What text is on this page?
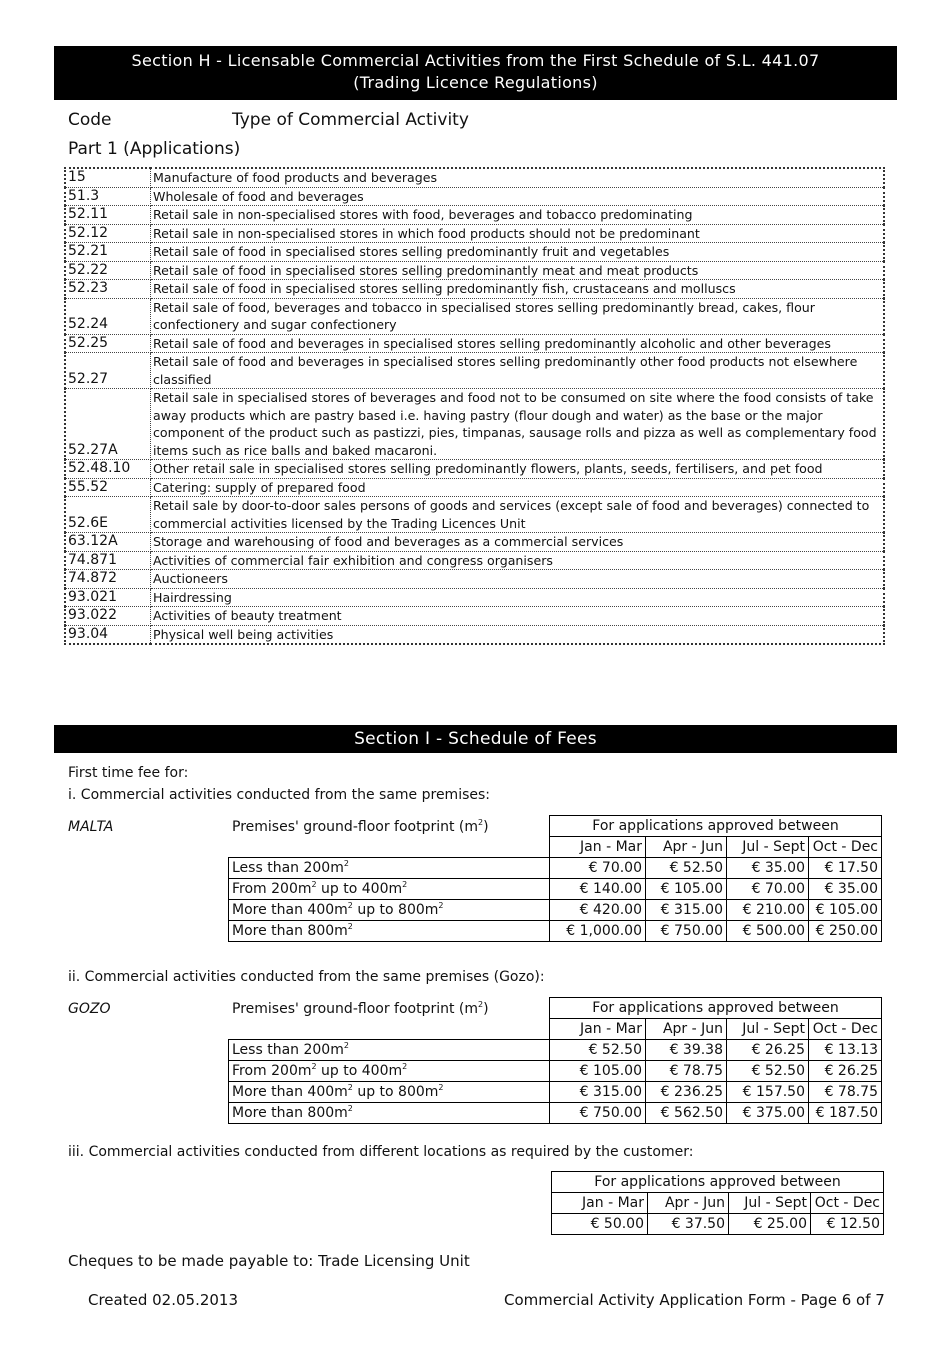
Section H - Licensable Commercial Activities from the First Schedule of S.L. 441.07
(Trading Licence Regulations)
Code	Type of Commercial Activity
Part 1 (Applications)
15	Manufacture of food products and beverages
51.3	Wholesale of food and beverages
52.11	Retail sale in non-specialised stores with food, beverages and tobacco predominating
52.12	Retail sale in non-specialised stores in which food products should not be predominant
52.21	Retail sale of food in specialised stores selling predominantly fruit and vegetables
52.22	Retail sale of food in specialised stores selling predominantly meat and meat products
52.23	Retail sale of food in specialised stores selling predominantly fish, crustaceans and molluscs
52.24	Retail sale of food, beverages and tobacco in specialised stores selling predominantly bread, cakes, flour confectionery and sugar confectionery
52.25	Retail sale of food and beverages in specialised stores selling predominantly alcoholic and other beverages
52.27	Retail sale of food and beverages in specialised stores selling predominantly other food products not elsewhere classified
52.27A	Retail sale in specialised stores of beverages and food not to be consumed on site where the food consists of take away products which are pastry based i.e. having pastry (flour dough and water) as the base or the major component of the product such as pastizzi, pies, timpanas, sausage rolls and pizza as well as complementary food items such as rice balls and baked macaroni.
52.48.10	Other retail sale in specialised stores selling predominantly flowers, plants, seeds, fertilisers, and pet food
55.52	Catering: supply of prepared food
52.6E	Retail sale by door-to-door sales persons of goods and services (except sale of food and beverages) connected to commercial activities licensed by the Trading Licences Unit
63.12A	Storage and warehousing of food and beverages as a commercial services
74.871	Activities of commercial fair exhibition and congress organisers
74.872	Auctioneers
93.021	Hairdressing
93.022	Activities of beauty treatment
93.04	Physical well being activities
Section I - Schedule of Fees
First time fee for:
i. Commercial activities conducted from the same premises:
MALTA	Premises' ground-floor footprint $(m^2)$
		For applications approved between			
	Jan - Mar	Apr - Jun	Jul - Sept	Oct - Dec
Less than $200m^2$	€ 70.00	€ 52.50	€ 35.00	€ 17.50
From $200m^2$ up to $400m^2$	€ 140.00	€ 105.00	€ 70.00	€ 35.00
More than $400m^2$ up to $800m^2$	€ 420.00	€ 315.00	€ 210.00	€ 105.00
More than $800m^2$	€ 1,000.00	€ 750.00	€ 500.00	€ 250.00
ii. Commercial activities conducted from the same premises (Gozo):
GOZO	Premises' ground-floor footprint $(m^2)$
		For applications approved between			
	Jan - Mar	Apr - Jun	Jul - Sept	Oct - Dec
Less than $200m^2$	€ 52.50	€ 39.38	€ 26.25	€ 13.13
From $200m^2$ up to $400m^2$	€ 105.00	€ 78.75	€ 52.50	€ 26.25
More than $400m^2$ up to $800m^2$	€ 315.00	€ 236.25	€ 157.50	€ 78.75
More than $800m^2$	€ 750.00	€ 562.50	€ 375.00	€ 187.50
iii. Commercial activities conducted from different locations as required by the customer:
For applications approved between			
Jan - Mar	Apr - Jun	Jul - Sept	Oct - Dec
€ 50.00	€ 37.50	€ 25.00	€ 12.50
Cheques to be made payable to: Trade Licensing Unit
Created 02.05.2013	Commercial Activity Application Form - Page 6 of 7
